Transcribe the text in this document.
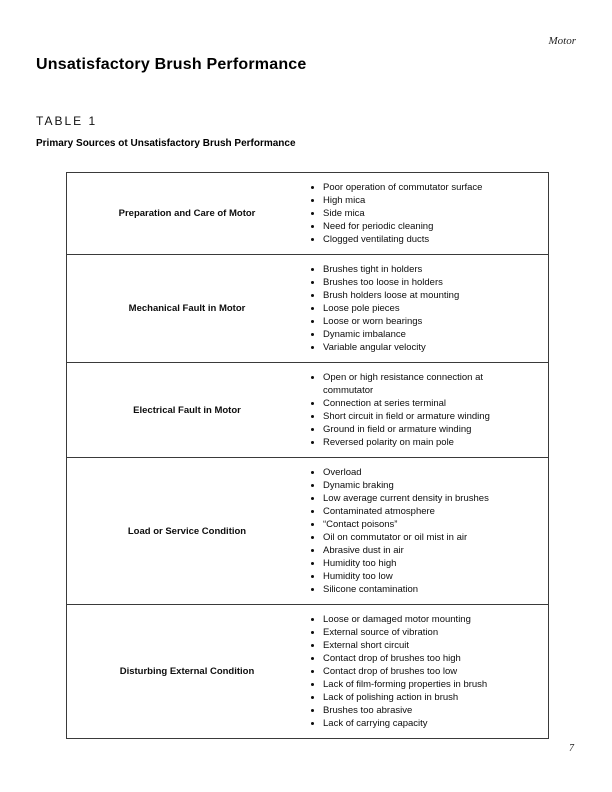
Motor
Unsatisfactory Brush Performance
TABLE 1
Primary Sources ot Unsatisfactory Brush Performance
Preparation and Care of Motor
• Poor operation of commutator surface
• High mica
• Side mica
• Need for periodic cleaning
• Clogged ventilating ducts
Mechanical Fault in Motor
• Brushes tight in holders
• Brushes too loose in holders
• Brush holders loose at mounting
• Loose pole pieces
• Loose or worn bearings
• Dynamic imbalance
• Variable angular velocity
Electrical Fault in Motor
• Open or high resistance connection at commutator
• Connection at series terminal
• Short circuit in field or armature winding
• Ground in field or armature winding
• Reversed polarity on main pole
Load or Service Condition
• Overload
• Dynamic braking
• Low average current density in brushes
• Contaminated atmosphere
• “Contact poisons”
• Oil on commutator or oil mist in air
• Abrasive dust in air
• Humidity too high
• Humidity too low
• Silicone contamination
Disturbing External Condition
• Loose or damaged motor mounting
• External source of vibration
• External short circuit
• Contact drop of brushes too high
• Contact drop of brushes too low
• Lack of film-forming properties in brush
• Lack of polishing action in brush
• Brushes too abrasive
• Lack of carrying capacity
7
